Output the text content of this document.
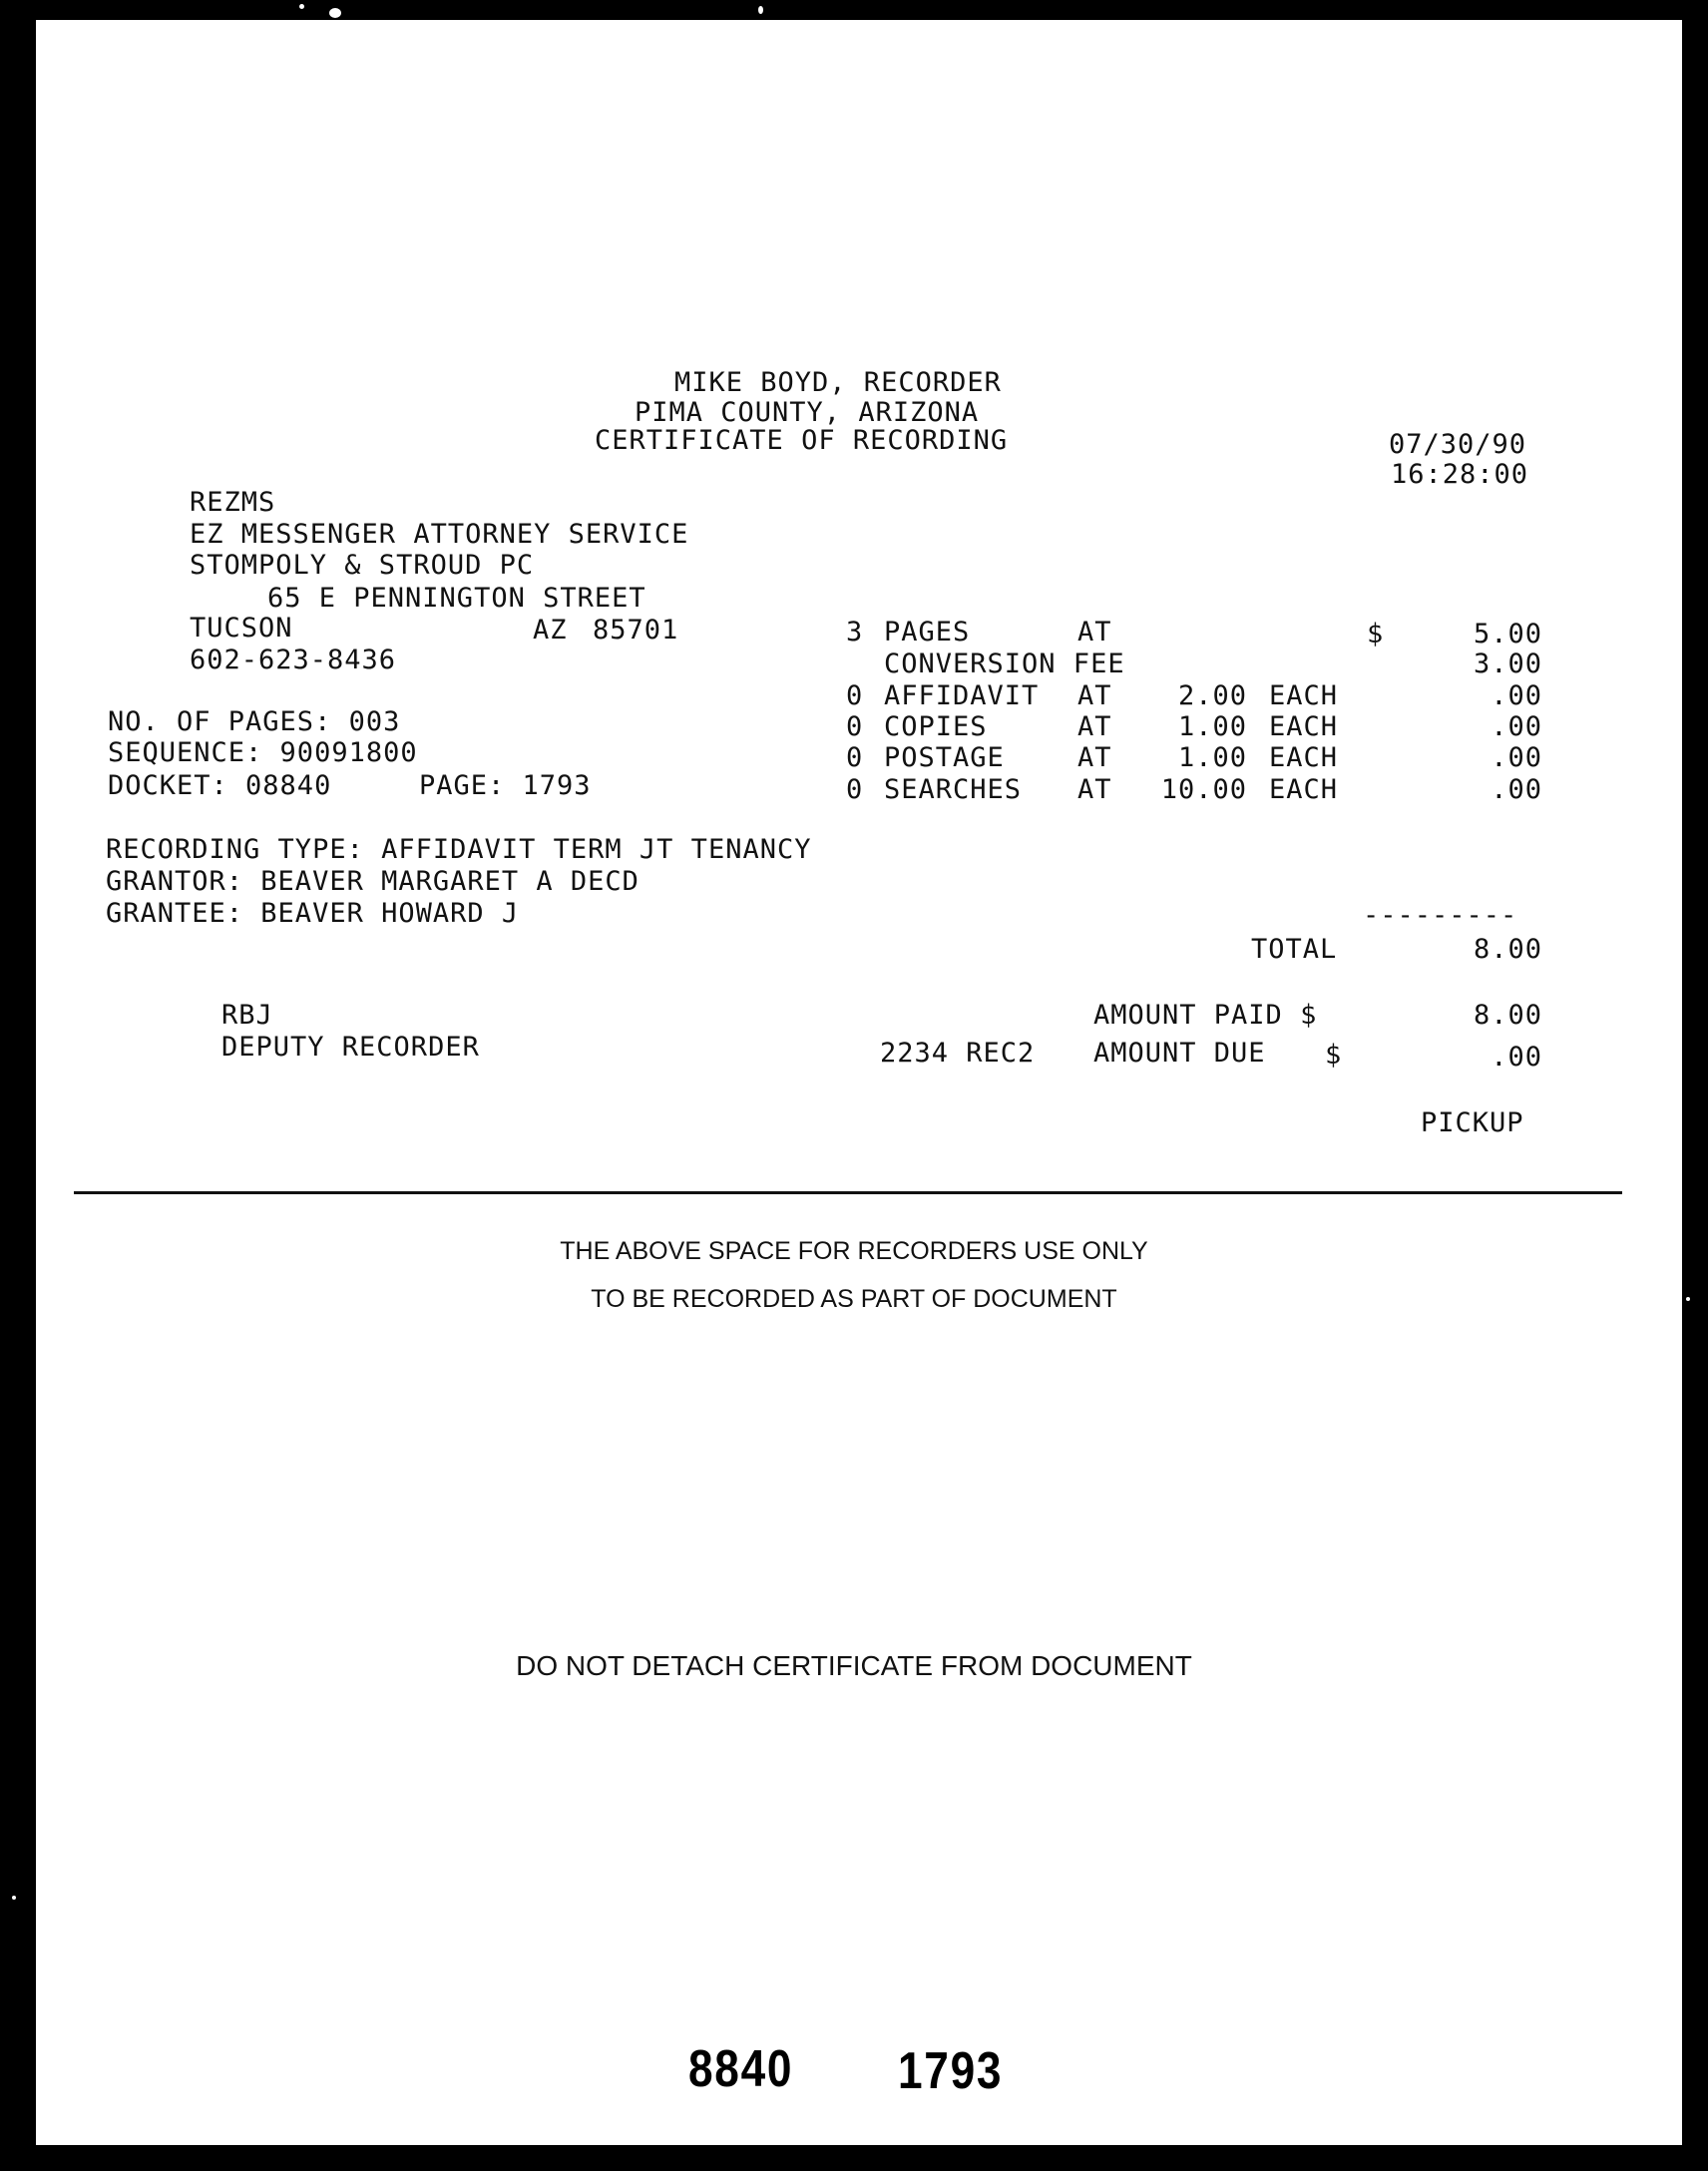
MIKE BOYD, RECORDER
PIMA COUNTY, ARIZONA
CERTIFICATE OF RECORDING	07/30/90
16:28:00
REZMS
EZ MESSENGER ATTORNEY SERVICE
STOMPOLY & STROUD PC
65 E PENNINGTON STREET
TUCSON	AZ 85701
602-623-8436
NO. OF PAGES: 003
SEQUENCE: 90091800
DOCKET: 08840	PAGE: 1793
RECORDING TYPE: AFFIDAVIT TERM JT TENANCY
GRANTOR: BEAVER MARGARET A DECD
GRANTEE: BEAVER HOWARD J
3 PAGES	AT	$	5.00
CONVERSION FEE	3.00
0 AFFIDAVIT AT	2.00 EACH	.00
0 COPIES	AT	1.00 EACH	.00
0 POSTAGE	AT	1.00 EACH	.00
0 SEARCHES AT	10.00 EACH	.00
---------
TOTAL	8.00
RBJ
DEPUTY RECORDER
AMOUNT PAID $	8.00
2234 REC2 AMOUNT DUE $	.00
PICKUP
THE ABOVE SPACE FOR RECORDERS USE ONLY
TO BE RECORDED AS PART OF DOCUMENT
DO NOT DETACH CERTIFICATE FROM DOCUMENT
8840 1793
